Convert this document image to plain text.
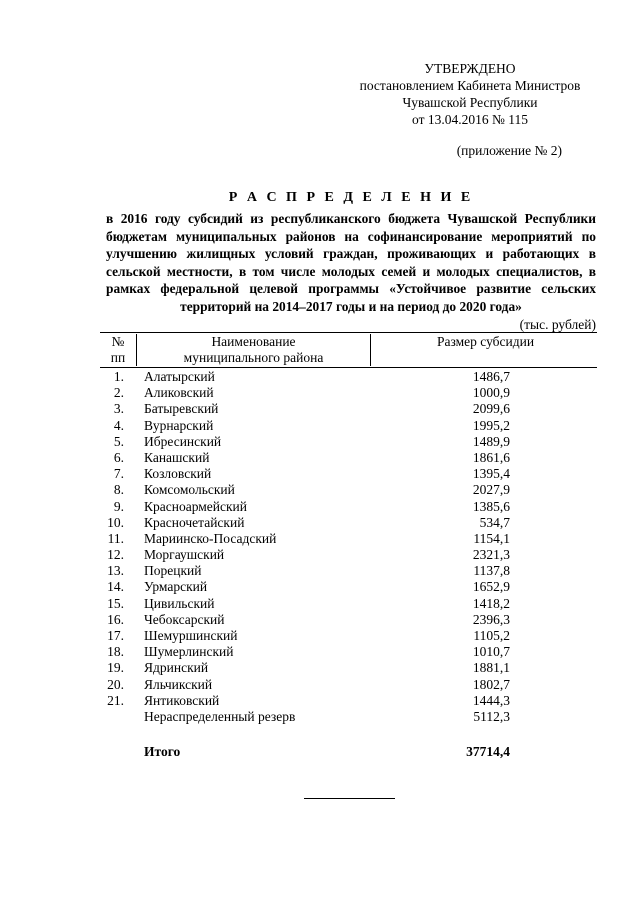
УТВЕРЖДЕНО
постановлением Кабинета Министров
Чувашской Республики
от 13.04.2016 № 115
(приложение № 2)
Р А С П Р Е Д Е Л Е Н И Е
в 2016 году субсидий из республиканского бюджета Чувашской Республики бюджетам муниципальных районов на софинансирование мероприятий по улучшению жилищных условий граждан, проживающих и работающих в сельской местности, в том числе молодых семей и молодых специалистов, в рамках федеральной целевой программы «Устойчивое развитие сельских территорий на 2014–2017 годы и на период до 2020 года»
(тыс. рублей)
№
пп
Наименование
муниципального района
Размер субсидии
1. Алатырский	1486,7
2. Аликовский	1000,9
3. Батыревский	2099,6
4. Вурнарский	1995,2
5. Ибресинский	1489,9
6. Канашский	1861,6
7. Козловский	1395,4
8. Комсомольский	2027,9
9. Красноармейский	1385,6
10. Красночетайский	534,7
11. Мариинско-Посадский	1154,1
12. Моргаушский	2321,3
13. Порецкий	1137,8
14. Урмарский	1652,9
15. Цивильский	1418,2
16. Чебоксарский	2396,3
17. Шемуршинский	1105,2
18. Шумерлинский	1010,7
19. Ядринский	1881,1
20. Яльчикский	1802,7
21. Янтиковский	1444,3
Нераспределенный резерв	5112,3
Итого	37714,4
